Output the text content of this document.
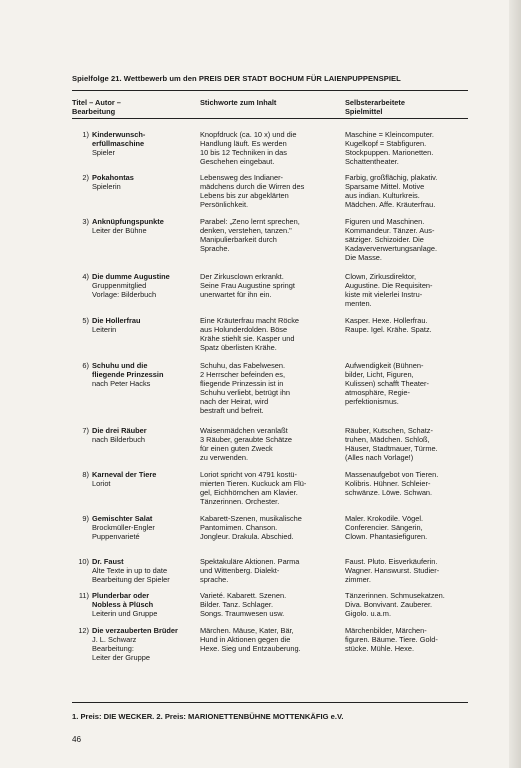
Spielfolge 21. Wettbewerb um den PREIS DER STADT BOCHUM FÜR LAIENPUPPENSPIEL
Titel – Autor –
Bearbeitung
Stichworte zum Inhalt	Selbsterarbeitete
Spielmittel
1) Kinderwunsch-
erfüllmaschine
Spieler
Knopfdruck (ca. 10 x) und die
Handlung läuft. Es werden
10 bis 12 Techniken in das
Geschehen eingebaut.
Maschine = Kleincomputer.
Kugelkopf = Stabfiguren.
Stockpuppen. Marionetten.
Schattentheater.
2) Pokahontas
Spielerin
Lebensweg des Indianer-
mädchens durch die Wirren des
Lebens bis zur abgeklärten
Persönlichkeit.
Farbig, großflächig, plakativ.
Sparsame Mittel. Motive
aus indian. Kulturkreis.
Mädchen. Affe. Kräuterfrau.
3) Anknüpfungspunkte
Leiter der Bühne
Parabel: „Zeno lernt sprechen,
denken, verstehen, tanzen."
Manipulierbarkeit durch
Sprache.
Figuren und Maschinen.
Kommandeur. Tänzer. Aus-
sätziger. Schizoider. Die
Kadaververwertungsanlage.
Die Masse.
4) Die dumme Augustine
Gruppenmitglied
Vorlage: Bilderbuch
Der Zirkusclown erkrankt.
Seine Frau Augustine springt
unerwartet für ihn ein.
Clown, Zirkusdirektor,
Augustine. Die Requisiten-
kiste mit vielerlei Instru-
menten.
5) Die Hollerfrau
Leiterin
Eine Kräuterfrau macht Röcke
aus Holunderdolden. Böse
Krähe stiehlt sie. Kasper und
Spatz überlisten Krähe.
Kasper. Hexe. Hollerfrau.
Raupe. Igel. Krähe. Spatz.
6) Schuhu und die
fliegende Prinzessin
nach Peter Hacks
Schuhu, das Fabelwesen.
2 Herrscher befeinden es,
fliegende Prinzessin ist in
Schuhu verliebt, betrügt ihn
nach der Heirat, wird
bestraft und befreit.
Aufwendigkeit (Bühnen-
bilder, Licht, Figuren,
Kulissen) schafft Theater-
atmosphäre, Regie-
perfektionismus.
7) Die drei Räuber
nach Bilderbuch
Waisenmädchen veranlaßt
3 Räuber, geraubte Schätze
für einen guten Zweck
zu verwenden.
Räuber, Kutschen, Schatz-
truhen, Mädchen. Schloß,
Häuser, Stadtmauer, Türme.
(Alles nach Vorlage!)
8) Karneval der Tiere
Loriot
Loriot spricht von 4791 kostü-
mierten Tieren. Kuckuck am Flü-
gel, Eichhörnchen am Klavier.
Tänzerinnen. Orchester.
Massenaufgebot von Tieren.
Kolibris. Hühner. Schleier-
schwänze. Löwe. Schwan.
9) Gemischter Salat
Brockmüller-Engler
Puppenvarieté
Kabarett-Szenen, musikalische
Pantomimen. Chanson.
Jongleur. Drakula. Abschied.
Maler. Krokodile. Vögel.
Conferencier. Sängerin,
Clown. Phantasiefiguren.
10) Dr. Faust
Alte Texte in up to date
Bearbeitung der Spieler
Spektakuläre Aktionen. Parma
und Wittenberg. Dialekt-
sprache.
Faust. Pluto. Eisverkäuferin.
Wagner. Hanswurst. Studier-
zimmer.
11) Plunderbar oder
Nobless à Plüsch
Leiterin und Gruppe
Varieté. Kabarett. Szenen.
Bilder. Tanz. Schlager.
Songs. Traumwesen usw.
Tänzerinnen. Schmusekatzen.
Diva. Bonvivant. Zauberer.
Gigolo. u.a.m.
12) Die verzauberten Brüder
J. L. Schwarz
Bearbeitung:
Leiter der Gruppe
Märchen. Mäuse, Kater, Bär,
Hund in Aktionen gegen die
Hexe. Sieg und Entzauberung.
Märchenbilder, Märchen-
figuren. Bäume. Tiere. Gold-
stücke. Mühle. Hexe.
1. Preis: DIE WECKER. 2. Preis: MARIONETTENBÜHNE MOTTENKÄFIG e.V.
46
